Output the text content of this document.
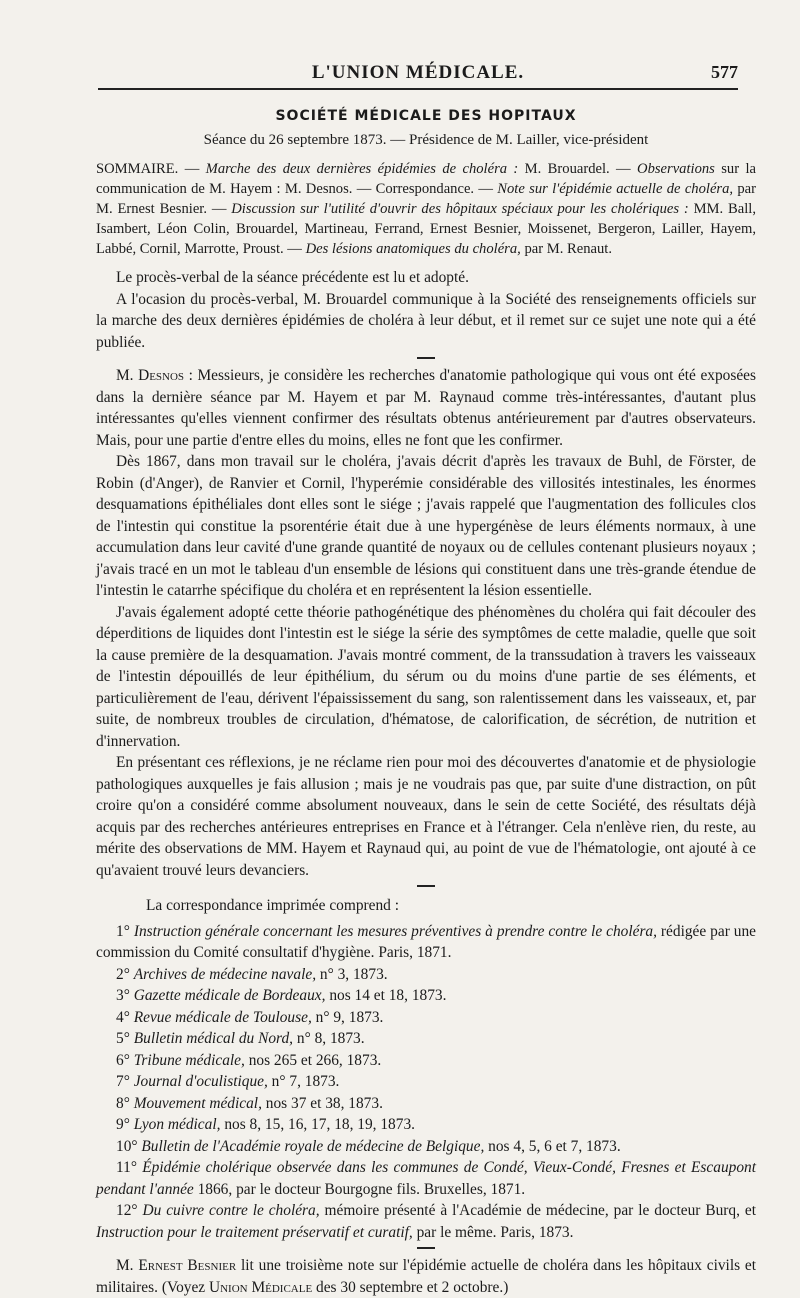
L'UNION MÉDICALE.	577
SOCIÉTÉ MÉDICALE DES HOPITAUX
Séance du 26 septembre 1873. — Présidence de M. Lailler, vice-président
SOMMAIRE. — Marche des deux dernières épidémies de choléra : M. Brouardel. — Observations sur la communication de M. Hayem : M. Desnos. — Correspondance. — Note sur l'épidémie actuelle de choléra, par M. Ernest Besnier. — Discussion sur l'utilité d'ouvrir des hôpitaux spéciaux pour les cholériques : MM. Ball, Isambert, Léon Colin, Brouardel, Martineau, Ferrand, Ernest Besnier, Moissenet, Bergeron, Lailler, Hayem, Labbé, Cornil, Marrotte, Proust. — Des lésions anatomiques du choléra, par M. Renaut.

Le procès-verbal de la séance précédente est lu et adopté.

A l'ocasion du procès-verbal, M. Brouardel communique à la Société des renseignements officiels sur la marche des deux dernières épidémies de choléra à leur début, et il remet sur ce sujet une note qui a été publiée.

M. Desnos : Messieurs, je considère les recherches d'anatomie pathologique qui vous ont été exposées dans la dernière séance par M. Hayem et par M. Raynaud comme très-intéressantes, d'autant plus intéressantes qu'elles viennent confirmer des résultats obtenus antérieurement par d'autres observateurs. Mais, pour une partie d'entre elles du moins, elles ne font que les confirmer.

Dès 1867, dans mon travail sur le choléra, j'avais décrit d'après les travaux de Buhl, de Förster, de Robin (d'Anger), de Ranvier et Cornil, l'hyperémie considérable des villosités intestinales, les énormes desquamations épithéliales dont elles sont le siége ; j'avais rappelé que l'augmentation des follicules clos de l'intestin qui constitue la psorentérie était due à une hypergénèse de leurs éléments normaux, à une accumulation dans leur cavité d'une grande quantité de noyaux ou de cellules contenant plusieurs noyaux ; j'avais tracé en un mot le tableau d'un ensemble de lésions qui constituent dans une très-grande étendue de l'intestin le catarrhe spécifique du choléra et en représentent la lésion essentielle.

J'avais également adopté cette théorie pathogénétique des phénomènes du choléra qui fait découler des déperditions de liquides dont l'intestin est le siége la série des symptômes de cette maladie, quelle que soit la cause première de la desquamation. J'avais montré comment, de la transsudation à travers les vaisseaux de l'intestin dépouillés de leur épithélium, du sérum ou du moins d'une partie de ses éléments, et particulièrement de l'eau, dérivent l'épaississement du sang, son ralentissement dans les vaisseaux, et, par suite, de nombreux troubles de circulation, d'hématose, de calorification, de sécrétion, de nutrition et d'innervation.

En présentant ces réflexions, je ne réclame rien pour moi des découvertes d'anatomie et de physiologie pathologiques auxquelles je fais allusion ; mais je ne voudrais pas que, par suite d'une distraction, on pût croire qu'on a considéré comme absolument nouveaux, dans le sein de cette Société, des résultats déjà acquis par des recherches antérieures entreprises en France et à l'étranger. Cela n'enlève rien, du reste, au mérite des observations de MM. Hayem et Raynaud qui, au point de vue de l'hématologie, ont ajouté à ce qu'avaient trouvé leurs devanciers.

La correspondance imprimée comprend :

1° Instruction générale concernant les mesures préventives à prendre contre le choléra, rédigée par une commission du Comité consultatif d'hygiène. Paris, 1871.

2° Archives de médecine navale, n° 3, 1873.

3° Gazette médicale de Bordeaux, nos 14 et 18, 1873.

4° Revue médicale de Toulouse, n° 9, 1873.

5° Bulletin médical du Nord, n° 8, 1873.

6° Tribune médicale, nos 265 et 266, 1873.

7° Journal d'oculistique, n° 7, 1873.

8° Mouvement médical, nos 37 et 38, 1873.

9° Lyon médical, nos 8, 15, 16, 17, 18, 19, 1873.

10° Bulletin de l'Académie royale de médecine de Belgique, nos 4, 5, 6 et 7, 1873.

11° Épidémie cholérique observée dans les communes de Condé, Vieux-Condé, Fresnes et Escaupont pendant l'année 1866, par le docteur Bourgogne fils. Bruxelles, 1871.

12° Du cuivre contre le choléra, mémoire présenté à l'Académie de médecine, par le docteur Burq, et Instruction pour le traitement préservatif et curatif, par le même. Paris, 1873.

M. Ernest Besnier lit une troisième note sur l'épidémie actuelle de choléra dans les hôpitaux civils et militaires. (Voyez Union Médicale des 30 septembre et 2 octobre.)
